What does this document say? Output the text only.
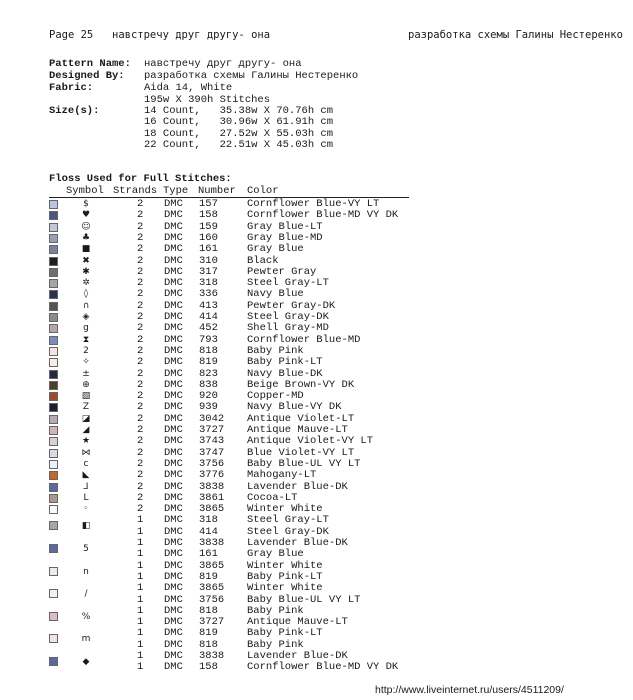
Page 25 навстречу друг другу- она	разработка схемы Галины Нестеренко
Pattern Name: навстречу друг другу- она
Designed By: разработка схемы Галины Нестеренко
Fabric:	Aida 14, White
195w X 390h Stitches
Size(s):	14 Count,   35.38w X 70.76h cm
16 Count,   30.96w X 61.91h cm
18 Count,   27.52w X 55.03h cm
22 Count,   22.51w X 45.03h cm
Floss Used for Full Stitches:
Symbol Strands Type Number Color
$	2 DMC 157	Cornflower Blue-VY LT
♥	2 DMC 158	Cornflower Blue-MD VY DK
☺	2 DMC 159	Gray Blue-LT
♣	2 DMC 160	Gray Blue-MD
■	2 DMC 161	Gray Blue
✖	2 DMC 310	Black
✱	2 DMC 317	Pewter Gray
✲	2 DMC 318	Steel Gray-LT
◊	2 DMC 336	Navy Blue
∩	2 DMC 413	Pewter Gray-DK
◈	2 DMC 414	Steel Gray-DK
g	2 DMC 452	Shell Gray-MD
⧗	2 DMC 793	Cornflower Blue-MD
2	2 DMC 818	Baby Pink
✧	2 DMC 819	Baby Pink-LT
±	2 DMC 823	Navy Blue-DK
⊕	2 DMC 838	Beige Brown-VY DK
▧	2 DMC 920	Copper-MD
Z	2 DMC 939	Navy Blue-VY DK
◪	2 DMC 3042 Antique Violet-LT
◢	2 DMC 3727 Antique Mauve-LT
★	2 DMC 3743 Antique Violet-VY LT
⋈	2 DMC 3747 Blue Violet-VY LT
c	2 DMC 3756 Baby Blue-UL VY LT
◣	2 DMC 3776 Mahogany-LT
⅃	2 DMC 3838 Lavender Blue-DK
L	2 DMC 3861 Cocoa-LT
◦	2 DMC 3865 Winter White
◧	1 DMC 318	Steel Gray-LT
1 DMC 414	Steel Gray-DK
5	1 DMC 3838 Lavender Blue-DK
1 DMC 161	Gray Blue
n	1 DMC 3865 Winter White
1 DMC 819	Baby Pink-LT
/	1 DMC 3865 Winter White
1 DMC 3756 Baby Blue-UL VY LT
%	1 DMC 818	Baby Pink
1 DMC 3727 Antique Mauve-LT
m	1 DMC 819	Baby Pink-LT
1 DMC 818	Baby Pink
◆	1 DMC 3838 Lavender Blue-DK
1 DMC 158	Cornflower Blue-MD VY DK
http://www.liveinternet.ru/users/4511209/
